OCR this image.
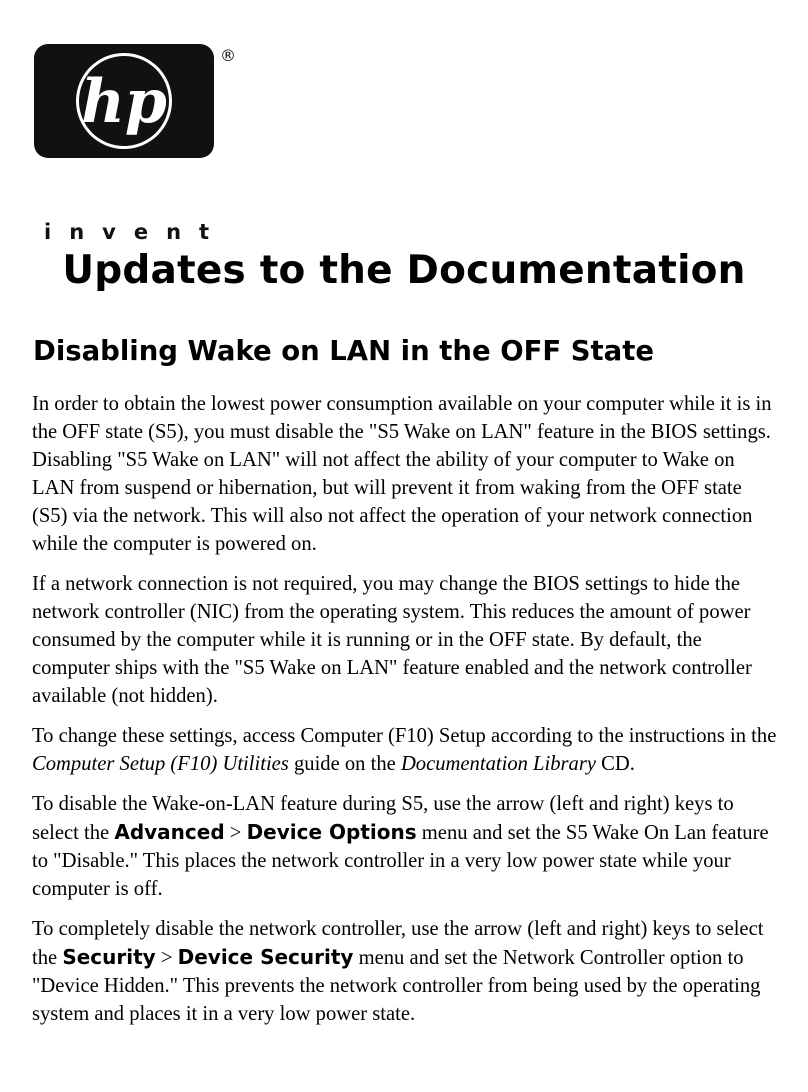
hp
®
invent
Updates to the Documentation
Disabling Wake on LAN in the OFF State

In order to obtain the lowest power consumption available on your computer while it is in the OFF state (S5), you must disable the "S5 Wake on LAN" feature in the BIOS settings. Disabling "S5 Wake on LAN" will not affect the ability of your computer to Wake on LAN from suspend or hibernation, but will prevent it from waking from the OFF state (S5) via the network. This will also not affect the operation of your network connection while the computer is powered on.

If a network connection is not required, you may change the BIOS settings to hide the network controller (NIC) from the operating system. This reduces the amount of power consumed by the computer while it is running or in the OFF state. By default, the computer ships with the "S5 Wake on LAN" feature enabled and the network controller available (not hidden).

To change these settings, access Computer (F10) Setup according to the instructions in the Computer Setup (F10) Utilities guide on the Documentation Library CD.

To disable the Wake-on-LAN feature during S5, use the arrow (left and right) keys to select the Advanced > Device Options menu and set the S5 Wake On Lan feature to "Disable." This places the network controller in a very low power state while your computer is off.

To completely disable the network controller, use the arrow (left and right) keys to select the Security > Device Security menu and set the Network Controller option to "Device Hidden." This prevents the network controller from being used by the operating system and places it in a very low power state.
